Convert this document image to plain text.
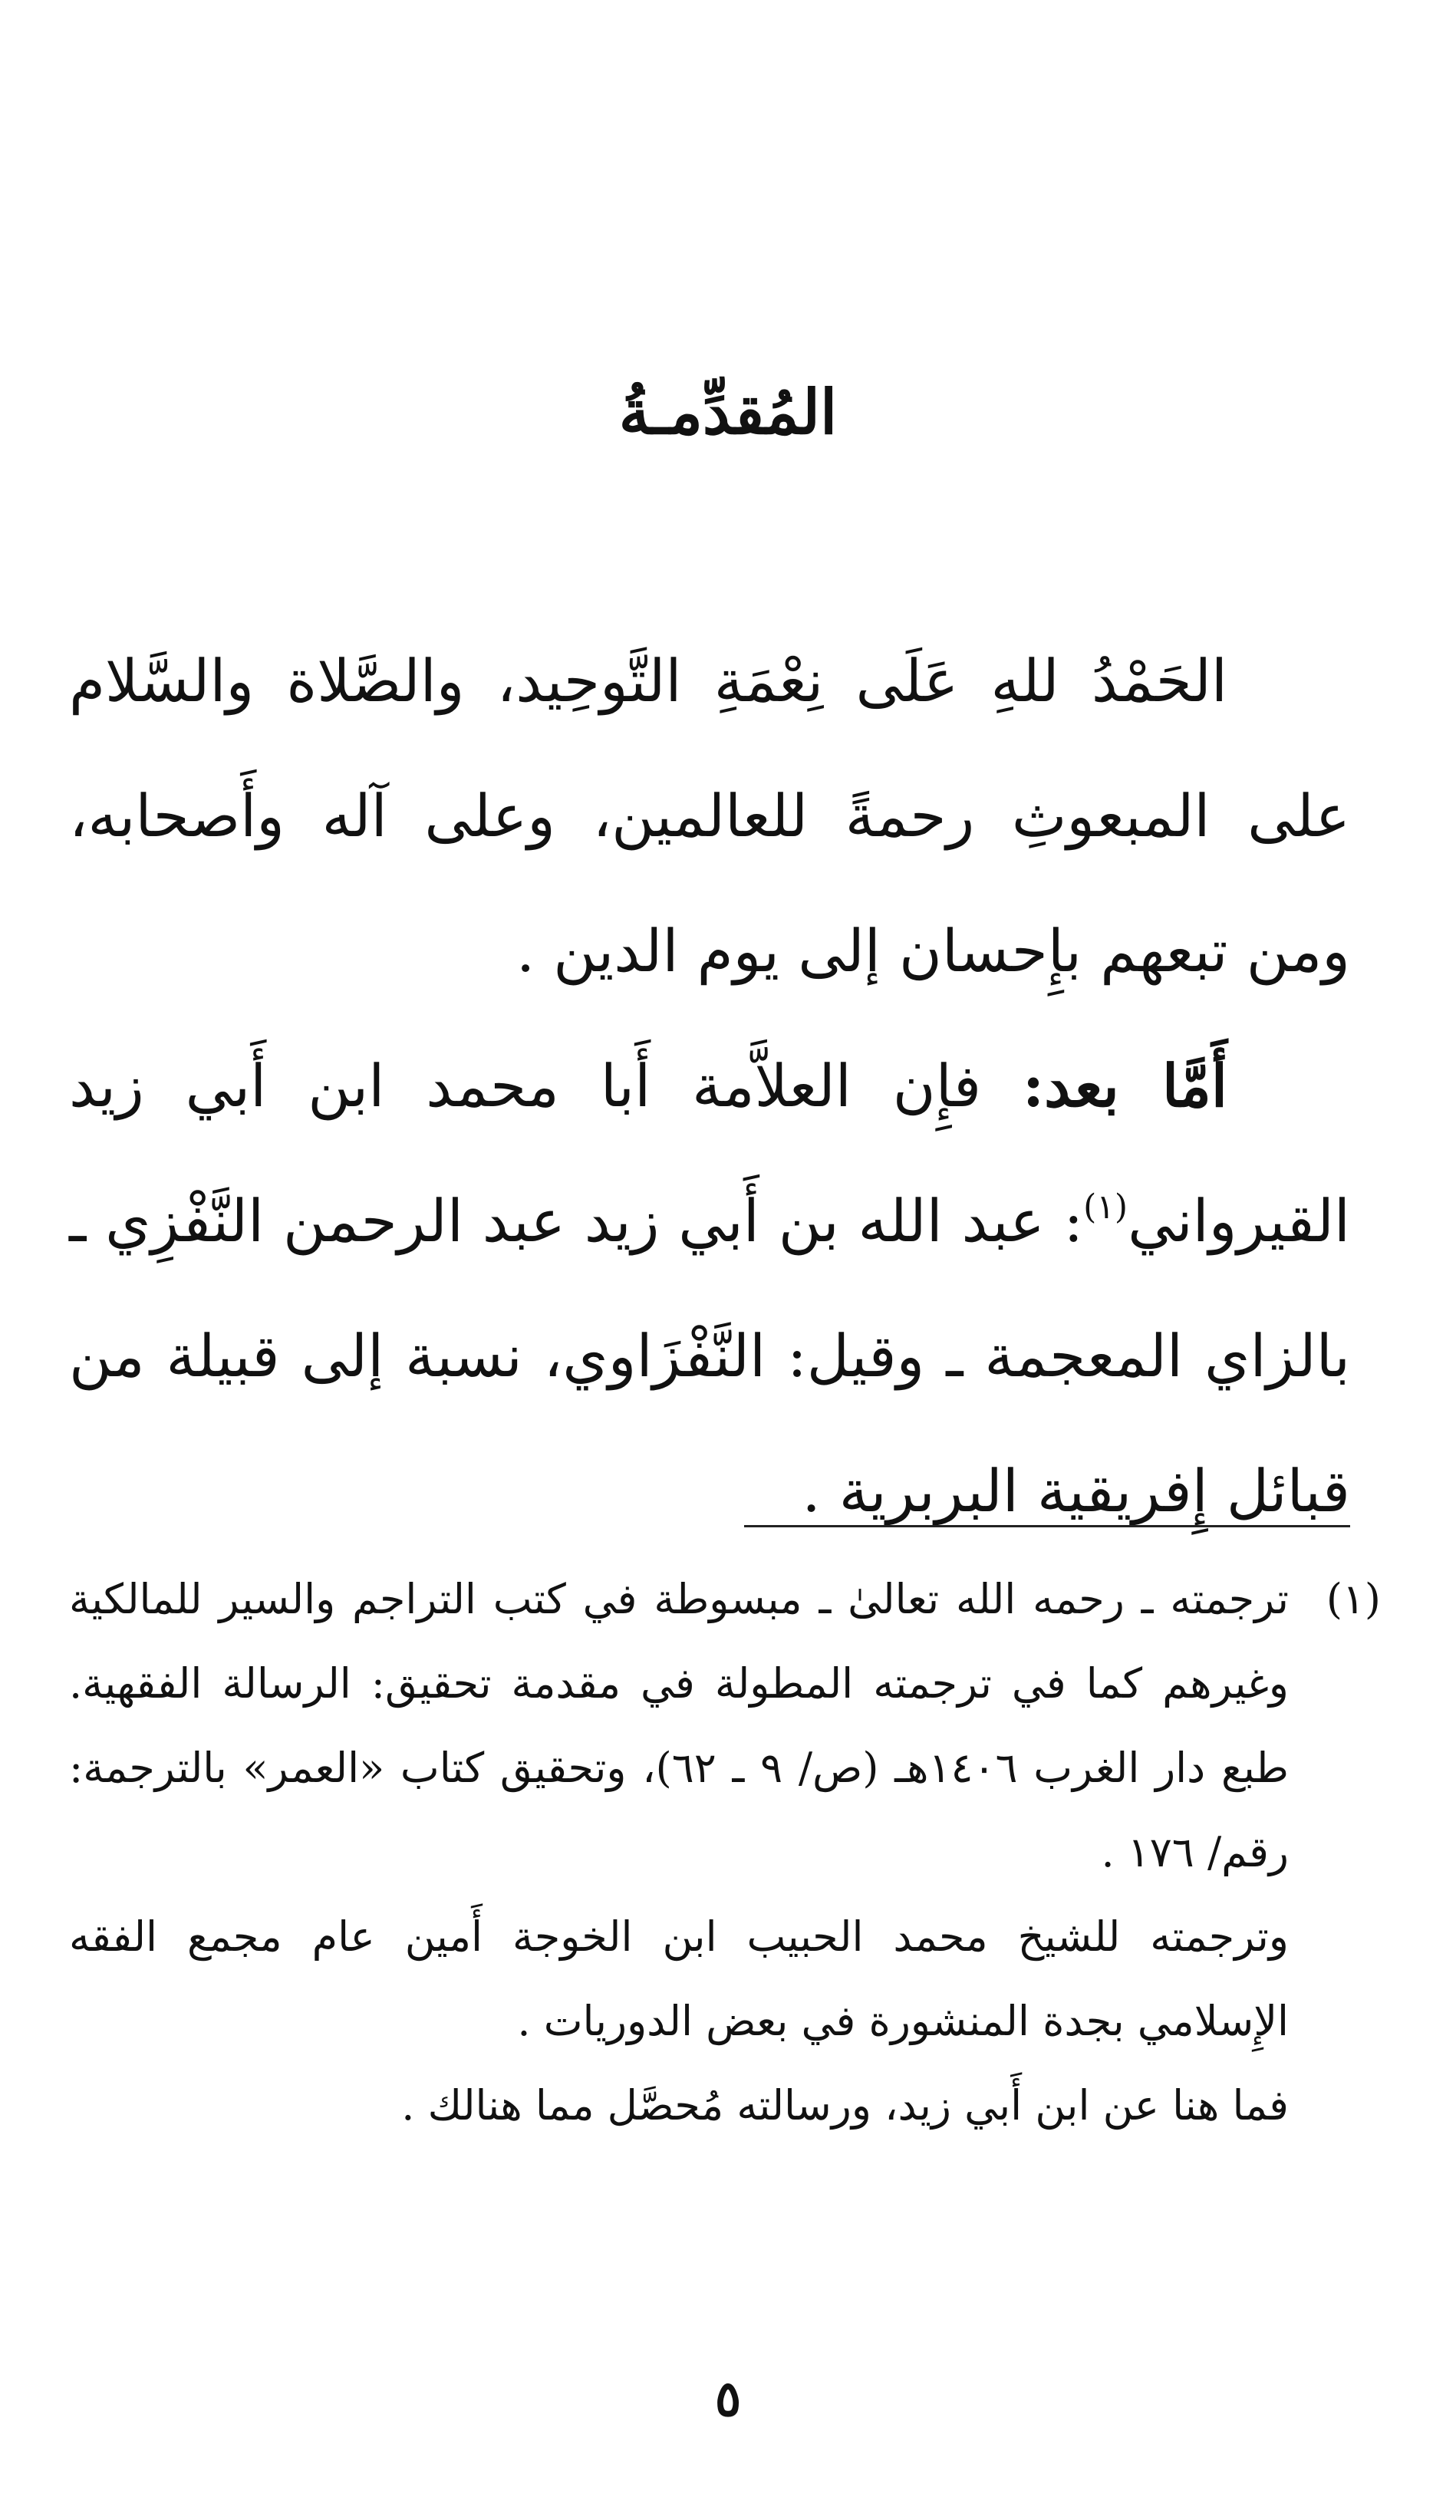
المُقدِّمـةُ

الحَمْدُ للهِ عَلَى نِعْمَةِ التَّوحِيد، والصَّلاة والسَّلام على المبعوثِ رحمةً للعالمين، وعلى آله وأَصحابه، ومن تبعهم بإِحسان إلى يوم الدين .

أَمَّا بعد: فإِن العلاَّمة أَبا محمد ابن أَبي زيد القيرواني$^{(١)}$: عبد الله بن أَبي زيد عبد الرحمن النَّفْزِي ـ بالزاي المعجمة ـ وقيل: النَّفْزَاوي، نسبة إلى قبيلة من قبائل إِفريقية البربرية .

(١)

ترجمته ـ رحمه الله تعالىٰ ـ مبسوطة في كتب التراجم والسير للمالكية وغيرهم كما في ترجمته المطولة في مقدمة تحقيق: الرسالة الفقهية. طبع دار الغرب ١٤٠٦هـ (ص/ ٩ ـ ٦٢)، وتحقيق كتاب «العمر» بالترجمة: رقم/ ١٧٦ .

وترجمته للشيخ محمد الحبيب ابن الخوجة أَمين عام مجمع الفقه الإِسلامي بجدة المنشورة في بعض الدوريات .

فما هنا عن ابن أَبي زيد، ورسالته مُحصَّل مما هنالك .

٥
